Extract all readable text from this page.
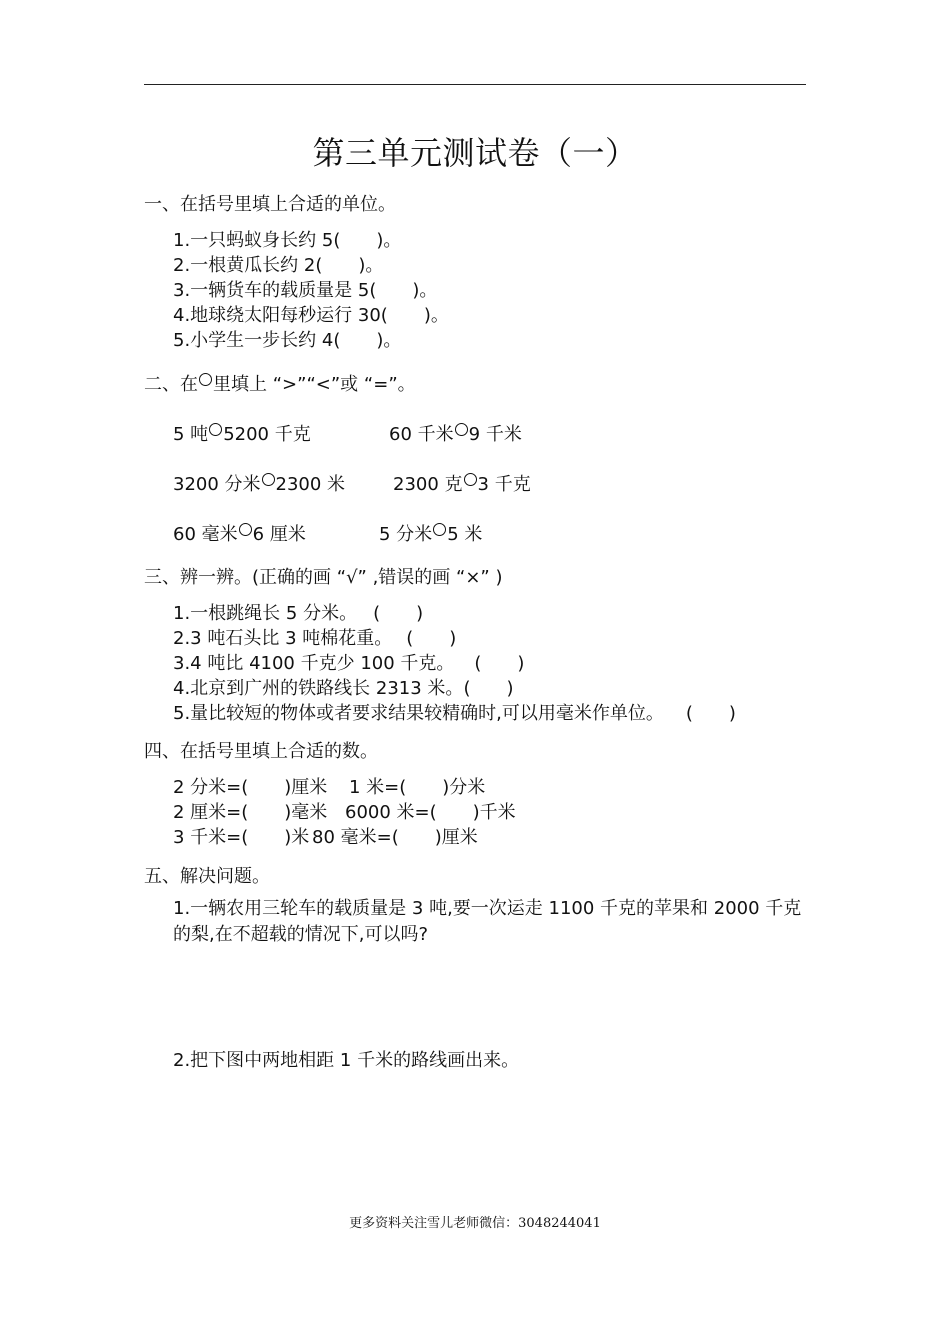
第三单元测试卷（一）
一、在括号里填上合适的单位。
1.一只蚂蚁身长约 5(　　)。
2.一根黄瓜长约 2(　　)。
3.一辆货车的载质量是 5(　　)。
4.地球绕太阳每秒运行 30(　　)。
5.小学生一步长约 4(　　)。
二、在 里填上 “>”“<”或 “=”。
5 吨 5200 千克	60 千米 9 千米
3200 分米 2300 米	2300 克 3 千克
60 毫米 6 厘米	5 分米 5 米
三、辨一辨。(正确的画 “√” ,错误的画 “×” )
1.一根跳绳长 5 分米。 (　　)
2.3 吨石头比 3 吨棉花重。 (　　)
3.4 吨比 4100 千克少 100 千克。 (　　)
4.北京到广州的铁路线长 2313 米。(　　)
5.量比较短的物体或者要求结果较精确时,可以用毫米作单位。 (　　)
四、在括号里填上合适的数。
2 分米=(　　)厘米 1 米=(　　)分米
2 厘米=(　　)毫米 6000 米=(　　)千米
3 千米=(　　)米 80 毫米=(　　)厘米
五、解决问题。
1.一辆农用三轮车的载质量是 3 吨,要一次运走 1100 千克的苹果和 2000 千克的梨,在不超载的情况下,可以吗?
2.把下图中两地相距 1 千米的路线画出来。
更多资料关注雪儿老师微信：3048244041
